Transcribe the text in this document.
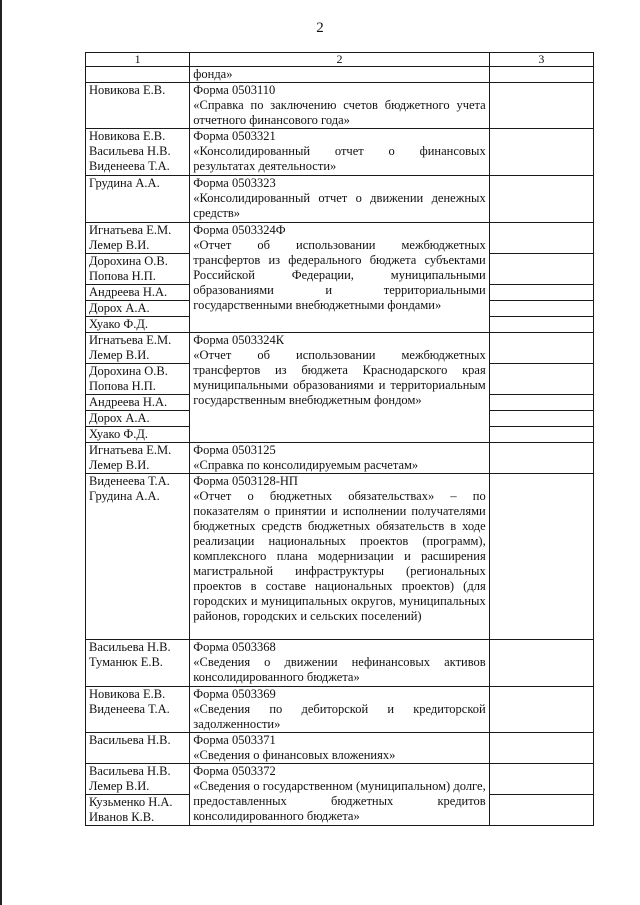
2
1	2	3

	фонда»	

Новикова Е.В.	Форма 0503110
«Справка по заключению счетов бюджетного учета отчетного финансового года»	

Новикова Е.В.
Васильева Н.В.
Виденеева Т.А.	Форма 0503321
«Консолидированный отчет о финансовых результатах деятельности»	

Грудина А.А.	Форма 0503323
«Консолидированный отчет о движении денежных средств»	

Игнатьева Е.М.
Лемер В.И.	Форма 0503324Ф
«Отчет об использовании межбюджетных трансфертов из федерального бюджета субъектами Российской Федерации, муниципальными образованиями и территориальными государственными внебюджетными фондами»	

Дорохина О.В.
Попова Н.П.		

Андреева Н.А.		

Дорох А.А.		

Хуако Ф.Д.		

Игнатьева Е.М.
Лемер В.И.	Форма 0503324К
«Отчет об использовании межбюджетных трансфертов из бюджета Краснодарского края муниципальными образованиями и территориальным государственным внебюджетным фондом»	

Дорохина О.В.
Попова Н.П.		

Андреева Н.А.		

Дорох А.А.		

Хуако Ф.Д.		

Игнатьева Е.М.
Лемер В.И.	Форма 0503125
«Справка по консолидируемым расчетам»	

Виденеева Т.А.
Грудина А.А.	Форма 0503128-НП
«Отчет о бюджетных обязательствах» – по показателям о принятии и исполнении получателями бюджетных средств бюджетных обязательств в ходе реализации национальных проектов (программ), комплексного плана модернизации и расширения магистральной инфраструктуры (региональных проектов в составе национальных проектов) (для городских и муниципальных округов, муниципальных районов, городских и сельских поселений)	

Васильева Н.В.
Туманюк Е.В.	Форма 0503368
«Сведения о движении нефинансовых активов консолидированного бюджета»	

Новикова Е.В.
Виденеева Т.А.	Форма 0503369
«Сведения по дебиторской и кредиторской задолженности»	

Васильева Н.В.	Форма 0503371
«Сведения о финансовых вложениях»	

Васильева Н.В.
Лемер В.И.	Форма 0503372
«Сведения о государственном (муниципальном) долге, предоставленных бюджетных кредитов консолидированного бюджета»	

Кузьменко Н.А.
Иванов К.В.		
